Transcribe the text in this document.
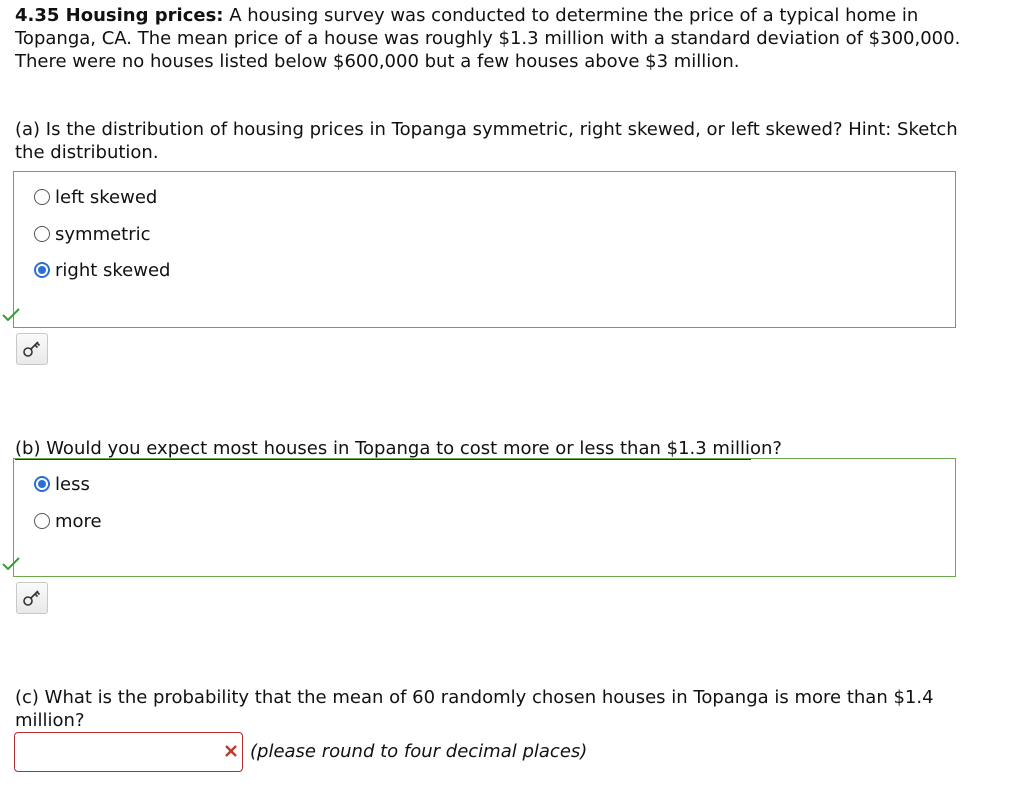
4.35 Housing prices: A housing survey was conducted to determine the price of a typical home in Topanga, CA. The mean price of a house was roughly $1.3 million with a standard deviation of $300,000. There were no houses listed below $600,000 but a few houses above $3 million.
(a) Is the distribution of housing prices in Topanga symmetric, right skewed, or left skewed? Hint: Sketch the distribution.
left skewed
symmetric
right skewed
(b) Would you expect most houses in Topanga to cost more or less than $1.3 million?
less
more
(c) What is the probability that the mean of 60 randomly chosen houses in Topanga is more than $1.4 million?
(please round to four decimal places)
